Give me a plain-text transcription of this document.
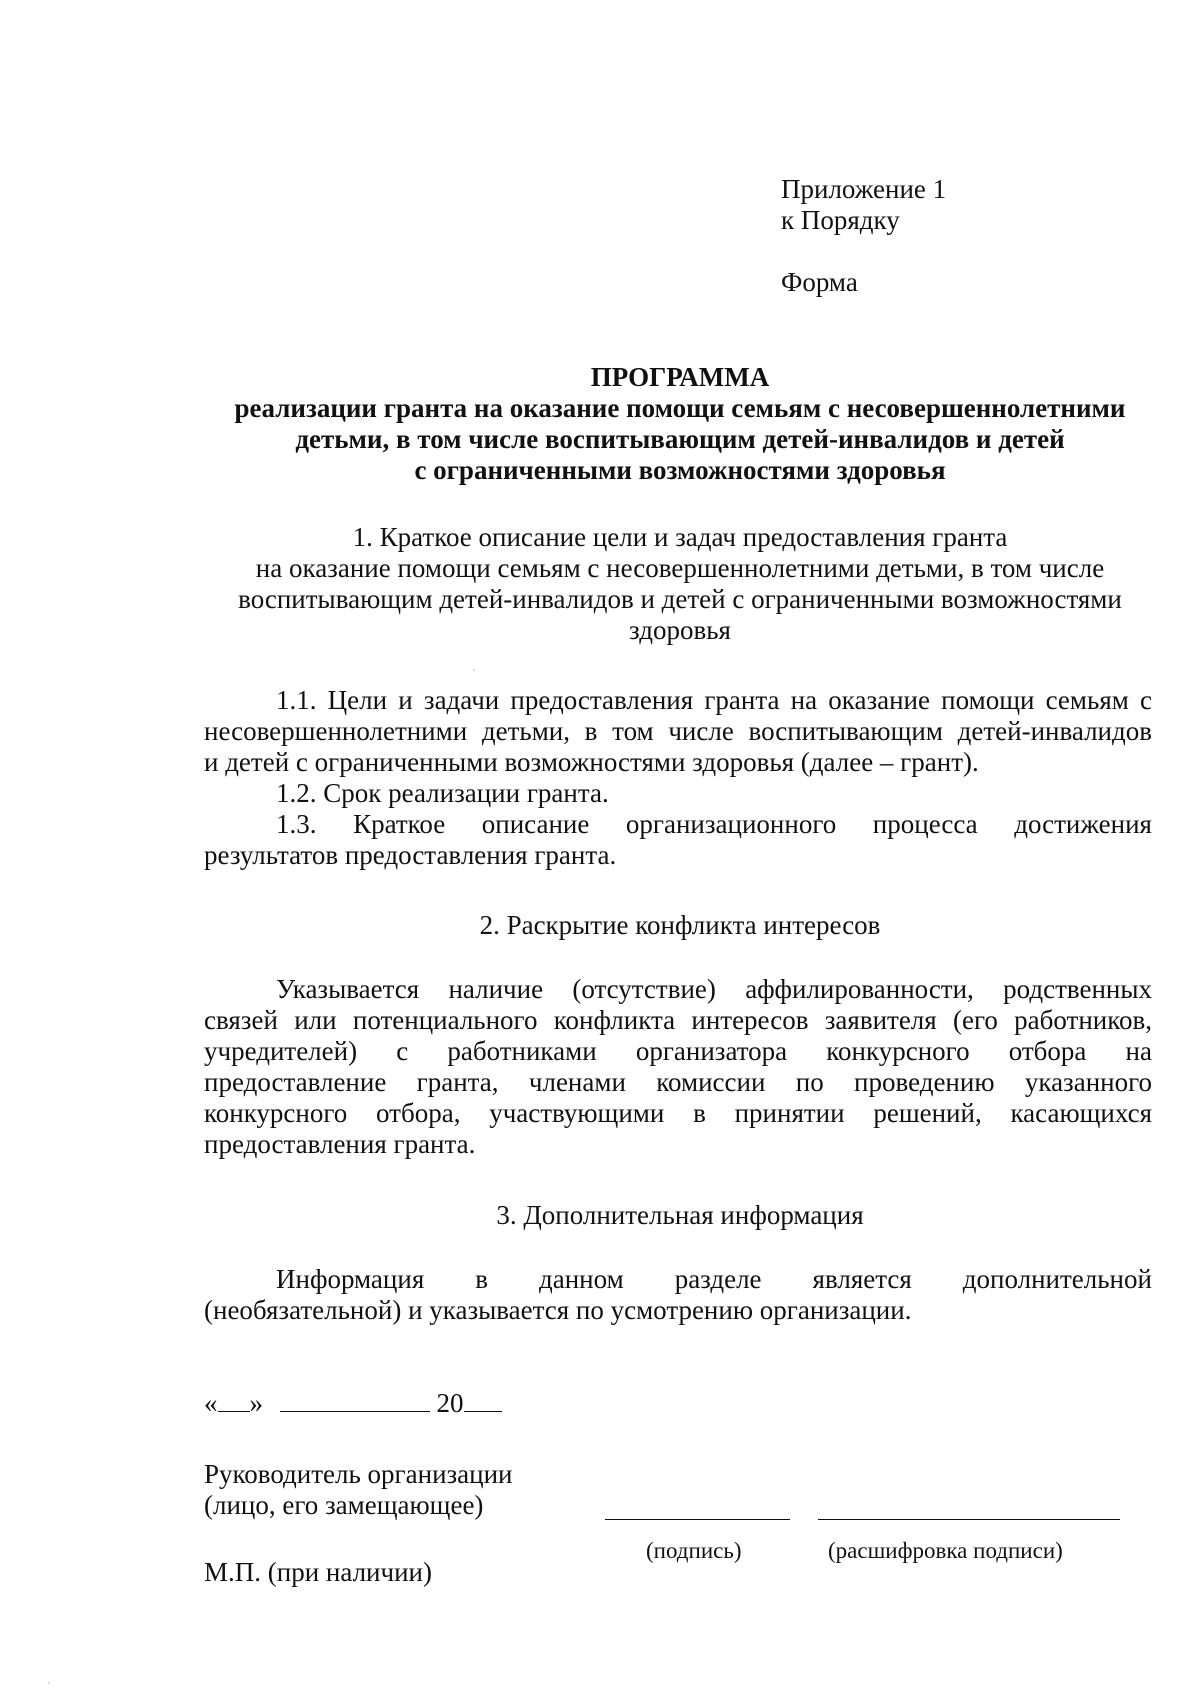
Приложение 1
к Порядку
Форма
ПРОГРАММА
реализации гранта на оказание помощи семьям с несовершеннолетними
детьми, в том числе воспитывающим детей-инвалидов и детей
с ограниченными возможностями здоровья
1. Краткое описание цели и задач предоставления гранта
на оказание помощи семьям с несовершеннолетними детьми, в том числе
воспитывающим детей-инвалидов и детей с ограниченными возможностями
здоровья
1.1. Цели и задачи предоставления гранта на оказание помощи семьям с
несовершеннолетними детьми, в том числе воспитывающим детей-инвалидов
и детей с ограниченными возможностями здоровья (далее – грант).
1.2. Срок реализации гранта.
1.3. Краткое описание организационного процесса достижения
результатов предоставления гранта.
2. Раскрытие конфликта интересов
Указывается наличие (отсутствие) аффилированности, родственных
связей или потенциального конфликта интересов заявителя (его работников,
учредителей) с работниками организатора конкурсного отбора на
предоставление гранта, членами комиссии по проведению указанного
конкурсного отбора, участвующими в принятии решений, касающихся
предоставления гранта.
3. Дополнительная информация
Информация в данном разделе является дополнительной
(необязательной) и указывается по усмотрению организации.
« »	20
Руководитель организации
(лицо, его замещающее)
(подпись)	(расшифровка подписи)
М.П. (при наличии)
